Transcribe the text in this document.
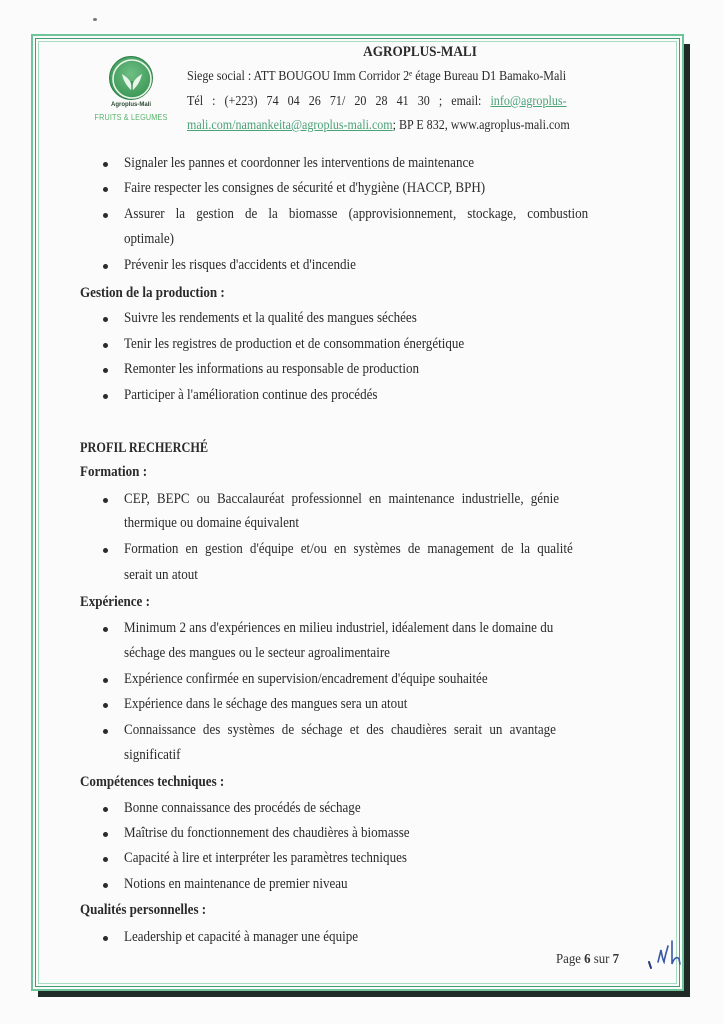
Agroplus-Mali
FRUITS & LEGUMES
AGROPLUS-MALI
Siege social : ATT BOUGOU Imm Corridor 2ᵉ étage Bureau D1 Bamako-Mali
Tél : (+223) 74 04 26 71/ 20 28 41 30 ; email: info@agroplus-
mali.com/namankeita@agroplus-mali.com; BP E 832, www.agroplus-mali.com
Signaler les pannes et coordonner les interventions de maintenance
Faire respecter les consignes de sécurité et d'hygiène (HACCP, BPH)
Assurer la gestion de la biomasse (approvisionnement, stockage, combustion
optimale)
Prévenir les risques d'accidents et d'incendie
Gestion de la production :
Suivre les rendements et la qualité des mangues séchées
Tenir les registres de production et de consommation énergétique
Remonter les informations au responsable de production
Participer à l'amélioration continue des procédés
PROFIL RECHERCHÉ
Formation :
CEP, BEPC ou Baccalauréat professionnel en maintenance industrielle, génie
thermique ou domaine équivalent
Formation en gestion d'équipe et/ou en systèmes de management de la qualité
serait un atout
Expérience :
Minimum 2 ans d'expériences en milieu industriel, idéalement dans le domaine du
séchage des mangues ou le secteur agroalimentaire
Expérience confirmée en supervision/encadrement d'équipe souhaitée
Expérience dans le séchage des mangues sera un atout
Connaissance des systèmes de séchage et des chaudières serait un avantage
significatif
Compétences techniques :
Bonne connaissance des procédés de séchage
Maîtrise du fonctionnement des chaudières à biomasse
Capacité à lire et interpréter les paramètres techniques
Notions en maintenance de premier niveau
Qualités personnelles :
Leadership et capacité à manager une équipe
Page 6 sur 7
